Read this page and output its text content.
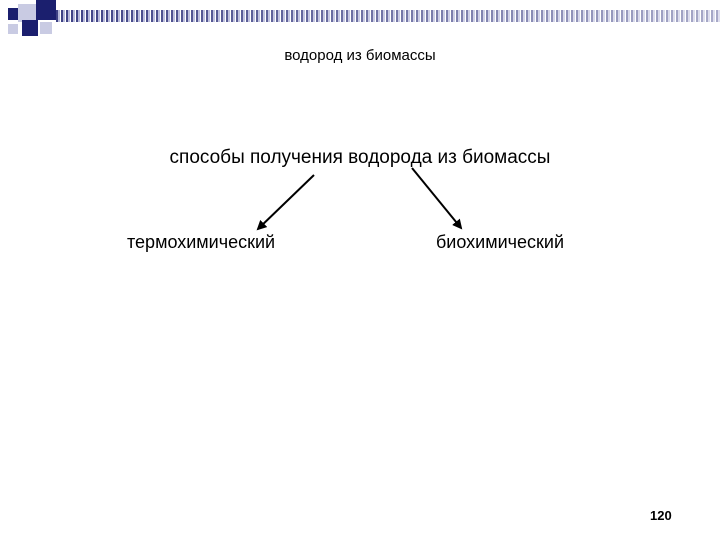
водород из биомассы
способы получения водорода из биомассы
термохимический	биохимический
120
